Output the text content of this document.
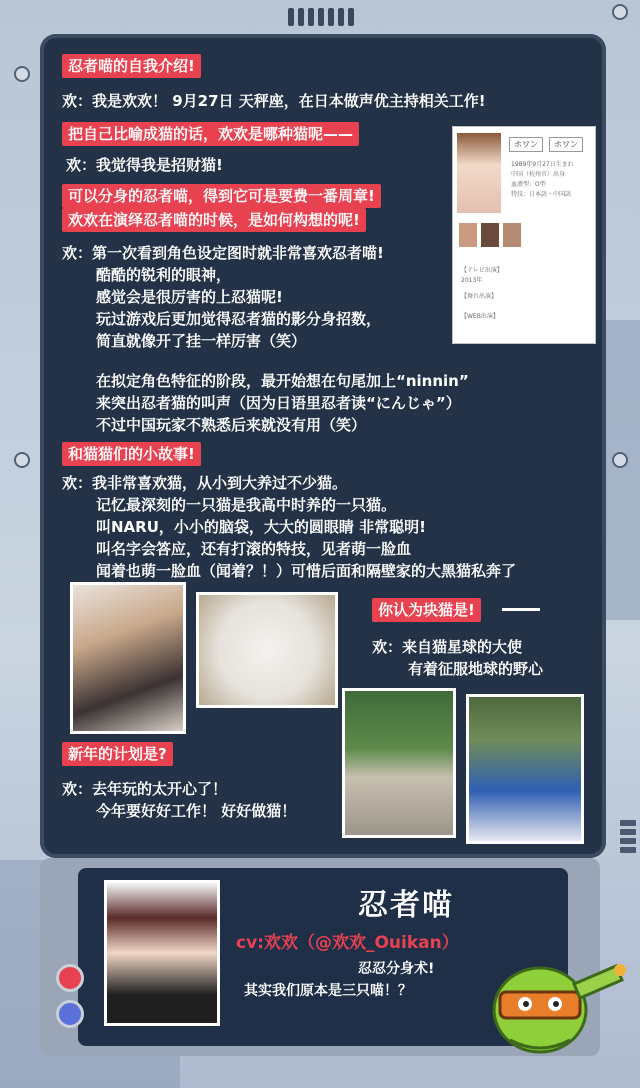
忍者喵的自我介绍!
欢：我是欢欢！ 9月27日 天秤座，在日本做声优主持相关工作!
把自己比喻成猫的话，欢欢是哪种猫呢——
欢：我觉得我是招财猫!
可以分身的忍者喵，得到它可是要费一番周章!
欢欢在演绎忍者喵的时候，是如何构想的呢!
欢：第一次看到角色设定图时就非常喜欢忍者喵!
酷酷的锐利的眼神，
感觉会是很厉害的上忍猫呢!
玩过游戏后更加觉得忍者猫的影分身招数，
简直就像开了挂一样厉害（笑）
在拟定角色特征的阶段，最开始想在句尾加上“ninnin”
来突出忍者猫的叫声（因为日语里忍者读“にんじゃ”）
不过中国玩家不熟悉后来就没有用（笑）
ホワン	ホワン
1989年9月27日生まれ
中国（杭州市）出身
血液型：O型
特技：日本語・中国語
【テレビ出演】
2013年
【舞台出演】
【WEB出演】
和猫猫们的小故事!
欢：我非常喜欢猫，从小到大养过不少猫。
记忆最深刻的一只猫是我高中时养的一只猫。
叫NARU，小小的脑袋，大大的圆眼睛 非常聪明!
叫名字会答应，还有打滚的特技，见者萌一脸血
闻着也萌一脸血（闻着？！）可惜后面和隔壁家的大黑猫私奔了
你认为块猫是!
欢：来自猫星球的大使
有着征服地球的野心
新年的计划是?
欢：去年玩的太开心了！
今年要好好工作！ 好好做猫！
忍者喵
cv:欢欢（@欢欢_Ouikan）
忍忍分身术!
其实我们原本是三只喵！？
